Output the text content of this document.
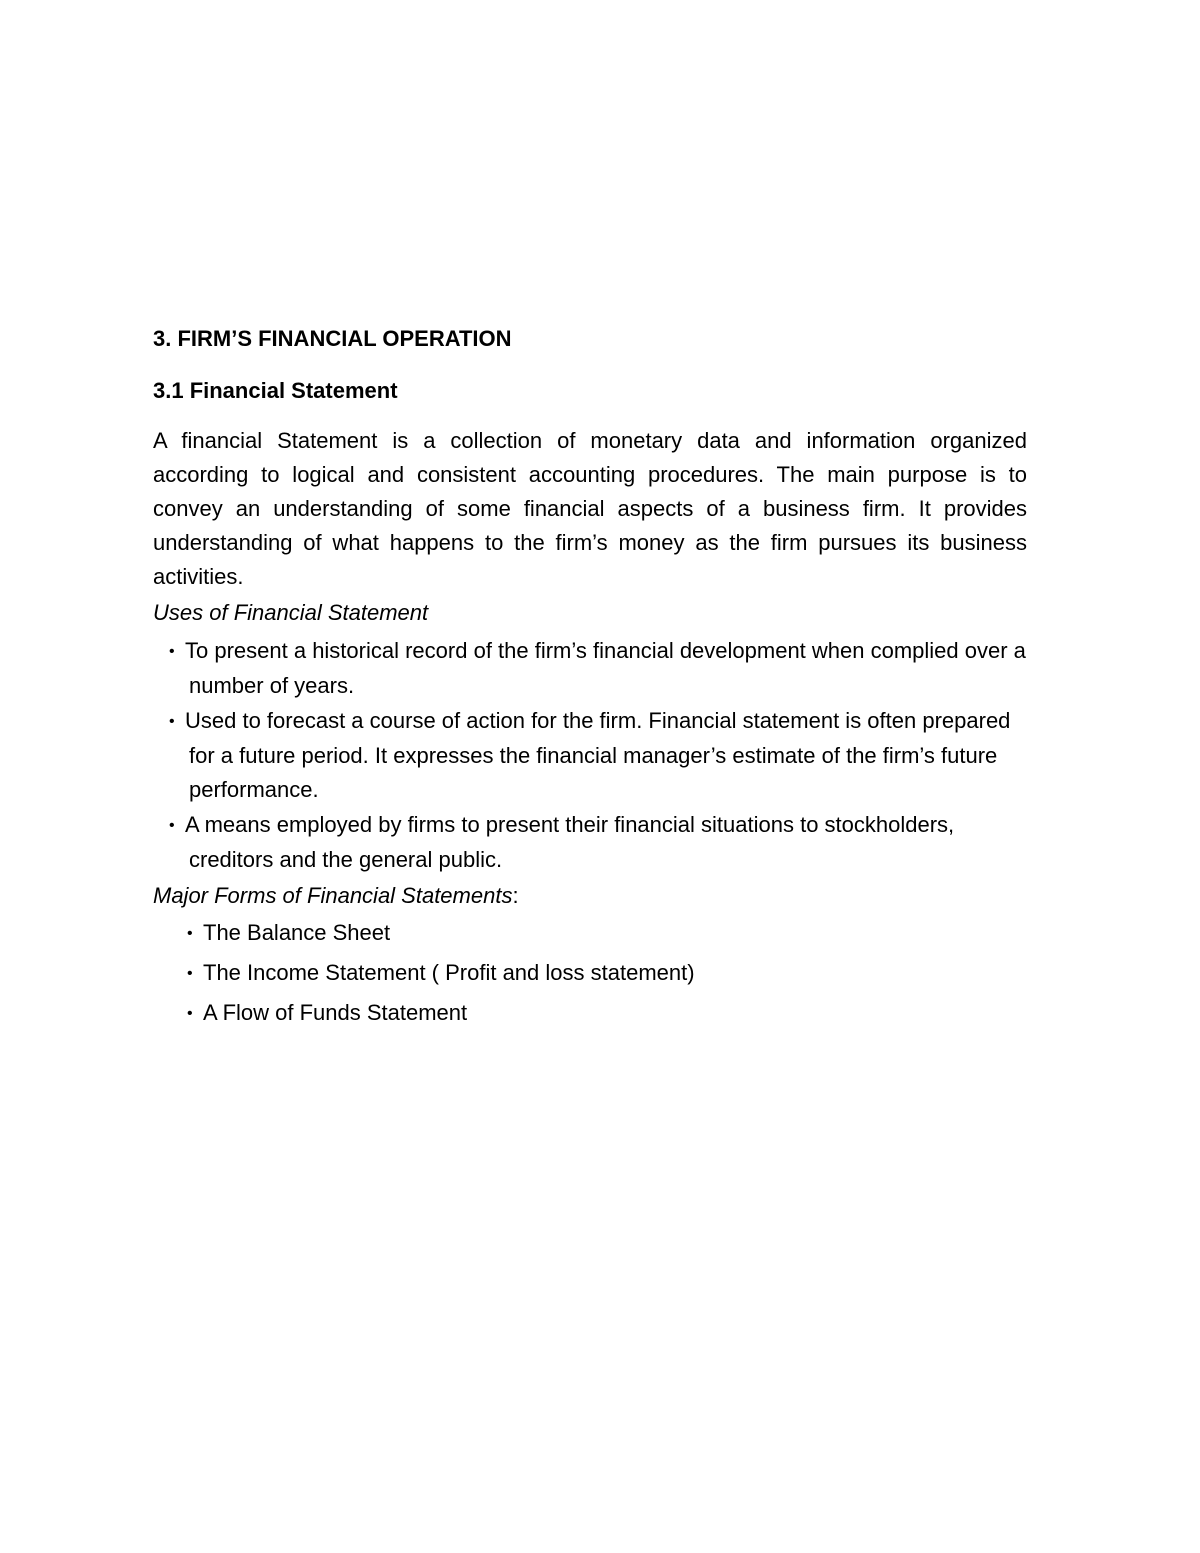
3. FIRM’S FINANCIAL OPERATION
3.1 Financial Statement

A financial Statement is a collection of monetary data and information organized according to logical and consistent accounting procedures. The main purpose is to convey an understanding of some financial aspects of a business firm. It provides understanding of what happens to the firm’s money as the firm pursues its business activities.

Uses of Financial Statement
• To present a historical record of the firm’s financial development when complied over a number of years.
• Used to forecast a course of action for the firm. Financial statement is often prepared for a future period. It expresses the financial manager’s estimate of the firm’s future performance.
• A means employed by firms to present their financial situations to stockholders, creditors and the general public.
Major Forms of Financial Statements:
• The Balance Sheet
• The Income Statement ( Profit and loss statement)
• A Flow of Funds Statement
